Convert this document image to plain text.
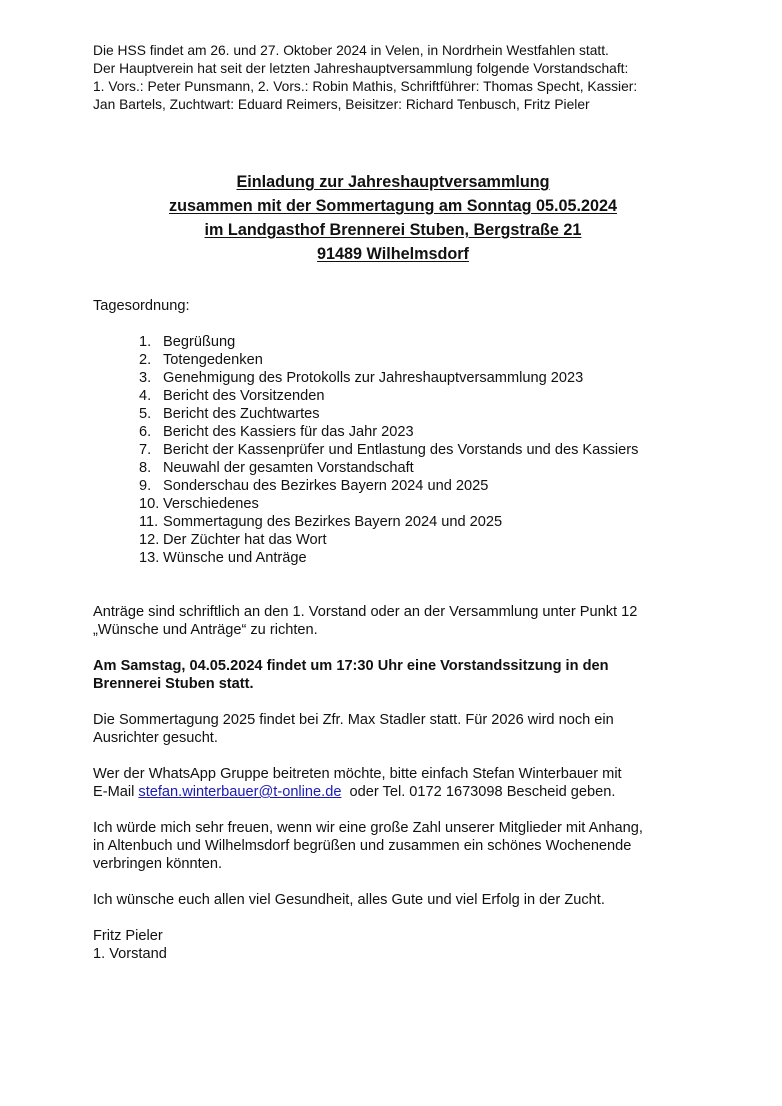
Die HSS findet am 26. und 27. Oktober 2024 in Velen, in Nordrhein Westfahlen statt.
Der Hauptverein hat seit der letzten Jahreshauptversammlung folgende Vorstandschaft:
1. Vors.: Peter Punsmann, 2. Vors.: Robin Mathis, Schriftführer: Thomas Specht, Kassier:
Jan Bartels, Zuchtwart: Eduard Reimers, Beisitzer: Richard Tenbusch, Fritz Pieler
Einladung zur Jahreshauptversammlung
zusammen mit der Sommertagung am Sonntag 05.05.2024
im Landgasthof Brennerei Stuben, Bergstraße 21
91489 Wilhelmsdorf
Tagesordnung:
1. Begrüßung
2. Totengedenken
3. Genehmigung des Protokolls zur Jahreshauptversammlung 2023
4. Bericht des Vorsitzenden
5. Bericht des Zuchtwartes
6. Bericht des Kassiers für das Jahr 2023
7. Bericht der Kassenprüfer und Entlastung des Vorstands und des Kassiers
8. Neuwahl der gesamten Vorstandschaft
9. Sonderschau des Bezirkes Bayern 2024 und 2025
10. Verschiedenes
11. Sommertagung des Bezirkes Bayern 2024 und 2025
12. Der Züchter hat das Wort
13. Wünsche und Anträge
Anträge sind schriftlich an den 1. Vorstand oder an der Versammlung unter Punkt 12
„Wünsche und Anträge“ zu richten.
Am Samstag, 04.05.2024 findet um 17:30 Uhr eine Vorstandssitzung in den
Brennerei Stuben statt.
Die Sommertagung 2025 findet bei Zfr. Max Stadler statt. Für 2026 wird noch ein
Ausrichter gesucht.
Wer der WhatsApp Gruppe beitreten möchte, bitte einfach Stefan Winterbauer mit
E-Mail stefan.winterbauer@t-online.de  oder Tel. 0172 1673098 Bescheid geben.
Ich würde mich sehr freuen, wenn wir eine große Zahl unserer Mitglieder mit Anhang,
in Altenbuch und Wilhelmsdorf begrüßen und zusammen ein schönes Wochenende
verbringen könnten.
Ich wünsche euch allen viel Gesundheit, alles Gute und viel Erfolg in der Zucht.
Fritz Pieler
1. Vorstand
